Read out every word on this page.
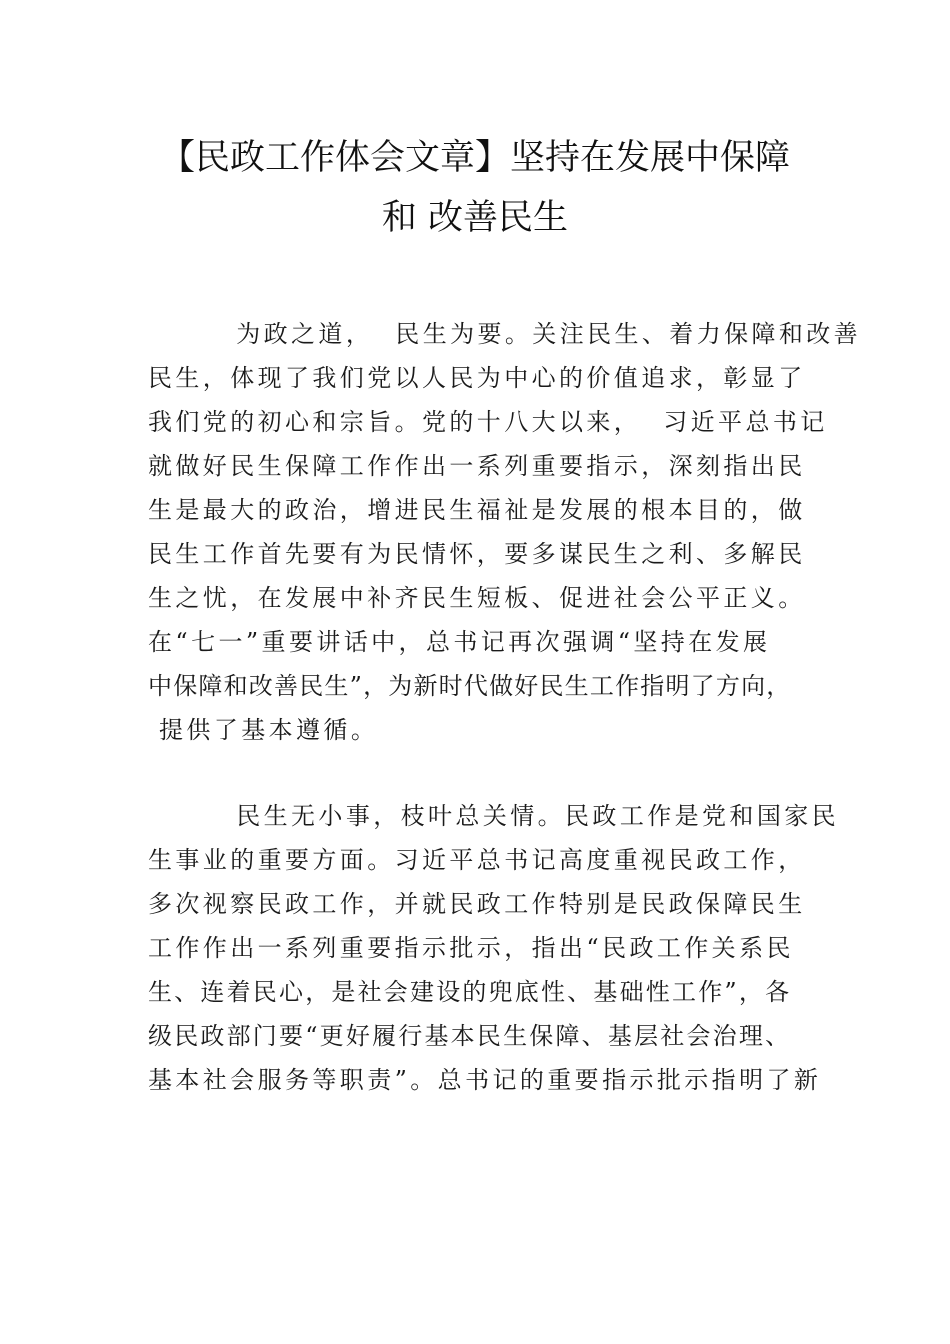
【民政工作体会文章】坚持在发展中保障
和 改善民生
为政之道，  民生为要。关注民生、着力保障和改善
民生，体现了我们党以人民为中心的价值追求，彰显了
我们党的初心和宗旨。党的十八大以来，  习近平总书记
就做好民生保障工作作出一系列重要指示，深刻指出民
生是最大的政治，增进民生福祉是发展的根本目的，做
民生工作首先要有为民情怀，要多谋民生之利、多解民
生之忧，在发展中补齐民生短板、促进社会公平正义。
在“七一”重要讲话中，总书记再次强调“坚持在发展
中保障和改善民生”，为新时代做好民生工作指明了方向，
提供了基本遵循。
民生无小事，枝叶总关情。民政工作是党和国家民
生事业的重要方面。习近平总书记高度重视民政工作，
多次视察民政工作，并就民政工作特别是民政保障民生
工作作出一系列重要指示批示，指出“民政工作关系民
生、连着民心，是社会建设的兜底性、基础性工作”，各
级民政部门要“更好履行基本民生保障、基层社会治理、
基本社会服务等职责”。总书记的重要指示批示指明了新
